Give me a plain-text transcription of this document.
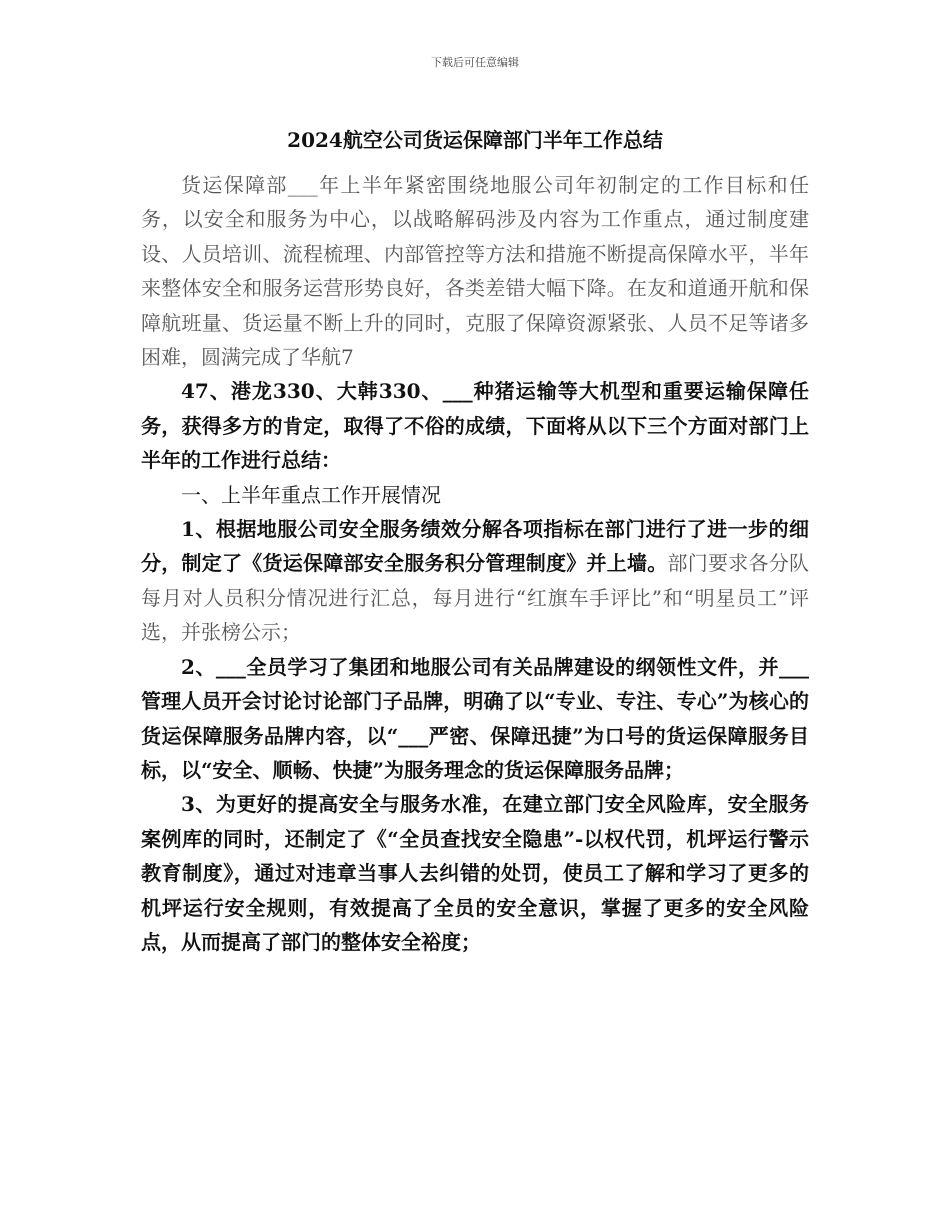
下载后可任意编辑
2024航空公司货运保障部门半年工作总结

货运保障部___年上半年紧密围绕地服公司年初制定的工作目标和任务，以安全和服务为中心，以战略解码涉及内容为工作重点，通过制度建设、人员培训、流程梳理、内部管控等方法和措施不断提高保障水平，半年来整体安全和服务运营形势良好，各类差错大幅下降。在友和道通开航和保障航班量、货运量不断上升的同时，克服了保障资源紧张、人员不足等诸多困难，圆满完成了华航7

47、港龙330、大韩330、___种猪运输等大机型和重要运输保障任务，获得多方的肯定，取得了不俗的成绩，下面将从以下三个方面对部门上半年的工作进行总结：

一、上半年重点工作开展情况

1、根据地服公司安全服务绩效分解各项指标在部门进行了进一步的细分，制定了《货运保障部安全服务积分管理制度》并上墙。部门要求各分队每月对人员积分情况进行汇总，每月进行“红旗车手评比”和“明星员工”评选，并张榜公示；

2、___全员学习了集团和地服公司有关品牌建设的纲领性文件，并___管理人员开会讨论讨论部门子品牌，明确了以“专业、专注、专心”为核心的货运保障服务品牌内容，以“___严密、保障迅捷”为口号的货运保障服务目标，以“安全、顺畅、快捷”为服务理念的货运保障服务品牌；

3、为更好的提高安全与服务水准，在建立部门安全风险库，安全服务案例库的同时，还制定了《“全员查找安全隐患”-以权代罚，机坪运行警示教育制度》，通过对违章当事人去纠错的处罚，使员工了解和学习了更多的机坪运行安全规则，有效提高了全员的安全意识，掌握了更多的安全风险点，从而提高了部门的整体安全裕度；
